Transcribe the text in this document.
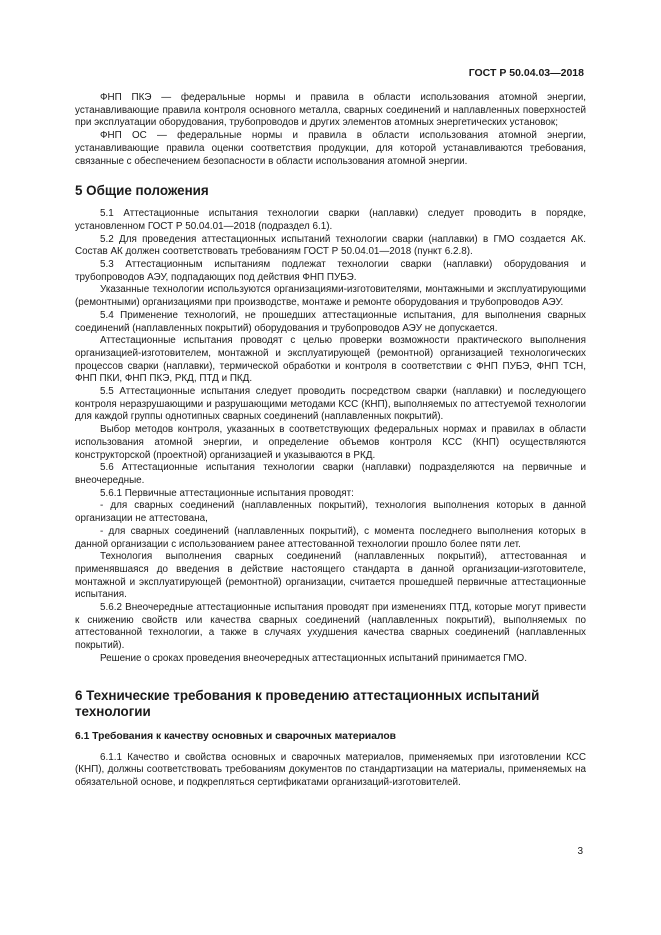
ГОСТ Р 50.04.03—2018

ФНП ПКЭ — федеральные нормы и правила в области использования атомной энергии, устанавливающие правила контроля основного металла, сварных соединений и наплавленных поверхностей при эксплуатации оборудования, трубопроводов и других элементов атомных энергетических установок;

ФНП ОС — федеральные нормы и правила в области использования атомной энергии, устанавливающие правила оценки соответствия продукции, для которой устанавливаются требования, связанные с обеспечением безопасности в области использования атомной энергии.

5 Общие положения

5.1 Аттестационные испытания технологии сварки (наплавки) следует проводить в порядке, установленном ГОСТ Р 50.04.01—2018 (подраздел 6.1).

5.2 Для проведения аттестационных испытаний технологии сварки (наплавки) в ГМО создается АК. Состав АК должен соответствовать требованиям ГОСТ Р 50.04.01—2018 (пункт 6.2.8).

5.3 Аттестационным испытаниям подлежат технологии сварки (наплавки) оборудования и трубопроводов АЭУ, подпадающих под действия ФНП ПУБЭ.

Указанные технологии используются организациями-изготовителями, монтажными и эксплуатирующими (ремонтными) организациями при производстве, монтаже и ремонте оборудования и трубопроводов АЭУ.

5.4 Применение технологий, не прошедших аттестационные испытания, для выполнения сварных соединений (наплавленных покрытий) оборудования и трубопроводов АЭУ не допускается.

Аттестационные испытания проводят с целью проверки возможности практического выполнения организацией-изготовителем, монтажной и эксплуатирующей (ремонтной) организацией технологических процессов сварки (наплавки), термической обработки и контроля в соответствии с ФНП ПУБЭ, ФНП ТСН, ФНП ПКИ, ФНП ПКЭ, РКД, ПТД и ПКД.

5.5 Аттестационные испытания следует проводить посредством сварки (наплавки) и последующего контроля неразрушающими и разрушающими методами КСС (КНП), выполняемых по аттестуемой технологии для каждой группы однотипных сварных соединений (наплавленных покрытий).

Выбор методов контроля, указанных в соответствующих федеральных нормах и правилах в области использования атомной энергии, и определение объемов контроля КСС (КНП) осуществляются конструкторской (проектной) организацией и указываются в РКД.

5.6 Аттестационные испытания технологии сварки (наплавки) подразделяются на первичные и внеочередные.

5.6.1 Первичные аттестационные испытания проводят:

- для сварных соединений (наплавленных покрытий), технология выполнения которых в данной организации не аттестована,

- для сварных соединений (наплавленных покрытий), с момента последнего выполнения которых в данной организации с использованием ранее аттестованной технологии прошло более пяти лет.

Технология выполнения сварных соединений (наплавленных покрытий), аттестованная и применявшаяся до введения в действие настоящего стандарта в данной организации-изготовителе, монтажной и эксплуатирующей (ремонтной) организации, считается прошедшей первичные аттестационные испытания.

5.6.2 Внеочередные аттестационные испытания проводят при изменениях ПТД, которые могут привести к снижению свойств или качества сварных соединений (наплавленных покрытий), выполняемых по аттестованной технологии, а также в случаях ухудшения качества сварных соединений (наплавленных покрытий).

Решение о сроках проведения внеочередных аттестационных испытаний принимается ГМО.

6 Технические требования к проведению аттестационных испытаний технологии
6.1 Требования к качеству основных и сварочных материалов

6.1.1 Качество и свойства основных и сварочных материалов, применяемых при изготовлении КСС (КНП), должны соответствовать требованиям документов по стандартизации на материалы, применяемых на обязательной основе, и подкрепляться сертификатами организаций-изготовителей.

3
